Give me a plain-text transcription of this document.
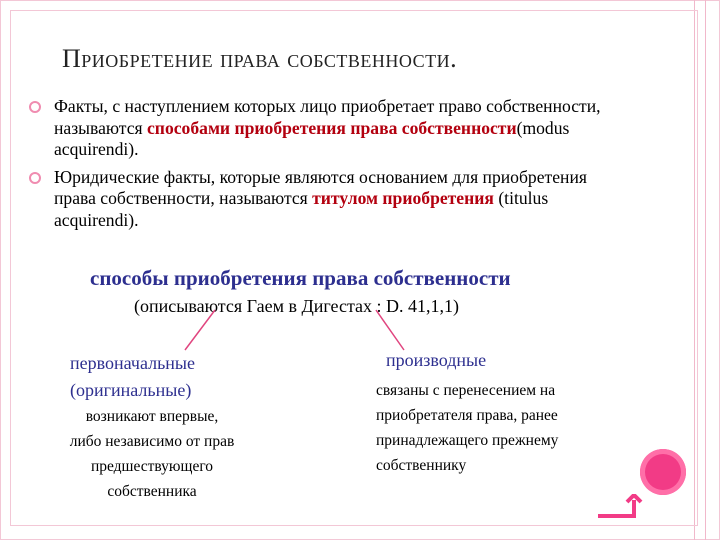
Приобретение права собственности.
Факты, с наступлением которых лицо приобретает право собственности, называются способами приобретения права собственности(modus acquirendi).
Юридические факты, которые являются основанием для приобретения права собственности, называются титулом приобретения (titulus acquirendi).
способы приобретения права собственности
(описываются Гаем в Дигестах : D. 41,1,1)
первоначальные
(оригинальные)
возникают впервые,
либо независимо от прав
предшествующего
собственника
производные
связаны с перенесением на
приобретателя права, ранее
принадлежащего прежнему
собственнику
